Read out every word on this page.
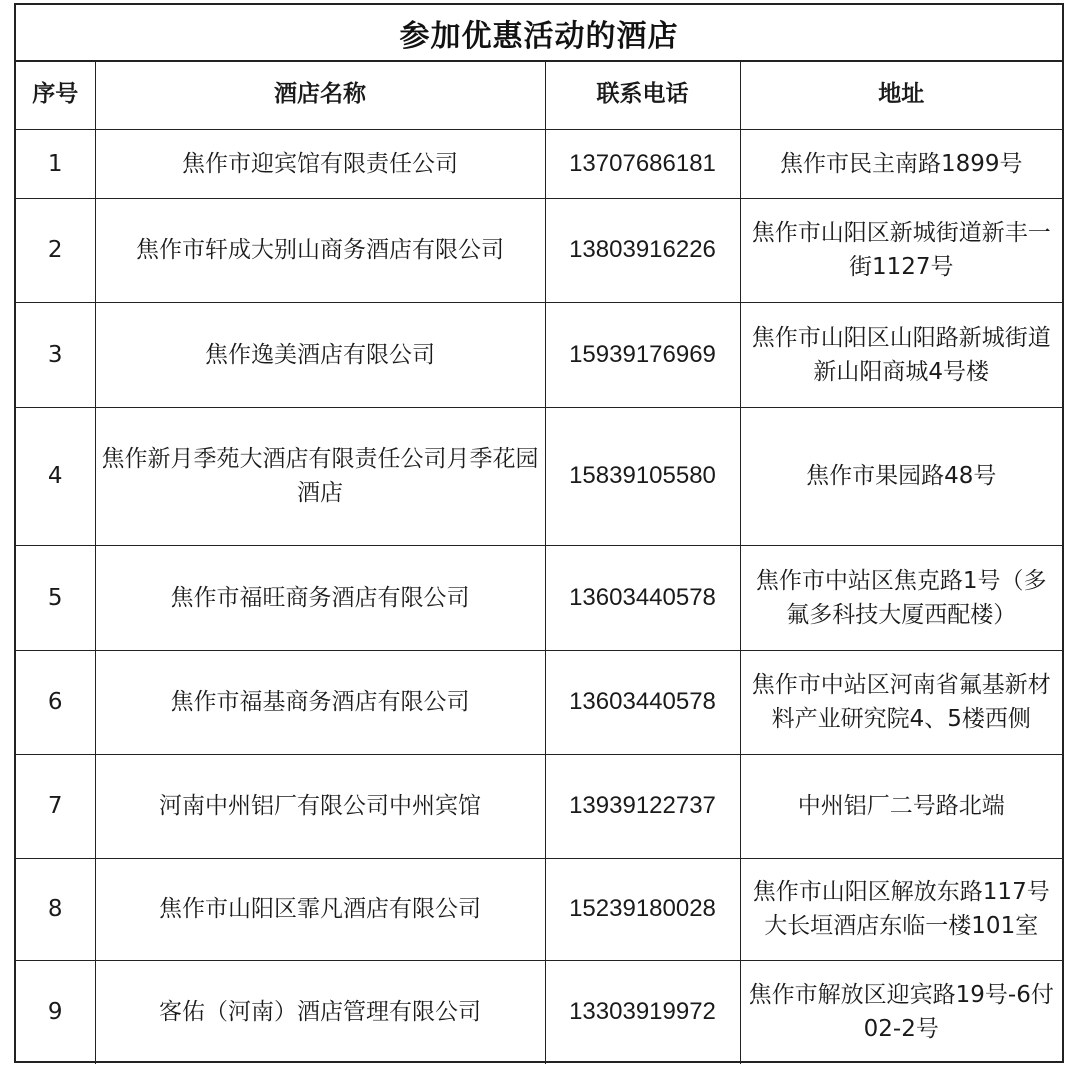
参加优惠活动的酒店
序号	酒店名称	联系电话	地址
1	焦作市迎宾馆有限责任公司	13707686181	焦作市民主南路1899号
2	焦作市轩成大别山商务酒店有限公司	13803916226	焦作市山阳区新城街道新丰一街1127号
3	焦作逸美酒店有限公司	15939176969	焦作市山阳区山阳路新城街道新山阳商城4号楼
4	焦作新月季苑大酒店有限责任公司月季花园酒店	15839105580	焦作市果园路48号
5	焦作市福旺商务酒店有限公司	13603440578	焦作市中站区焦克路1号（多氟多科技大厦西配楼）
6	焦作市福基商务酒店有限公司	13603440578	焦作市中站区河南省氟基新材料产业研究院4、5楼西侧
7	河南中州铝厂有限公司中州宾馆	13939122737	中州铝厂二号路北端
8	焦作市山阳区霏凡酒店有限公司	15239180028	焦作市山阳区解放东路117号大长垣酒店东临一楼101室
9	客佑（河南）酒店管理有限公司	13303919972	焦作市解放区迎宾路19号-6付02-2号
